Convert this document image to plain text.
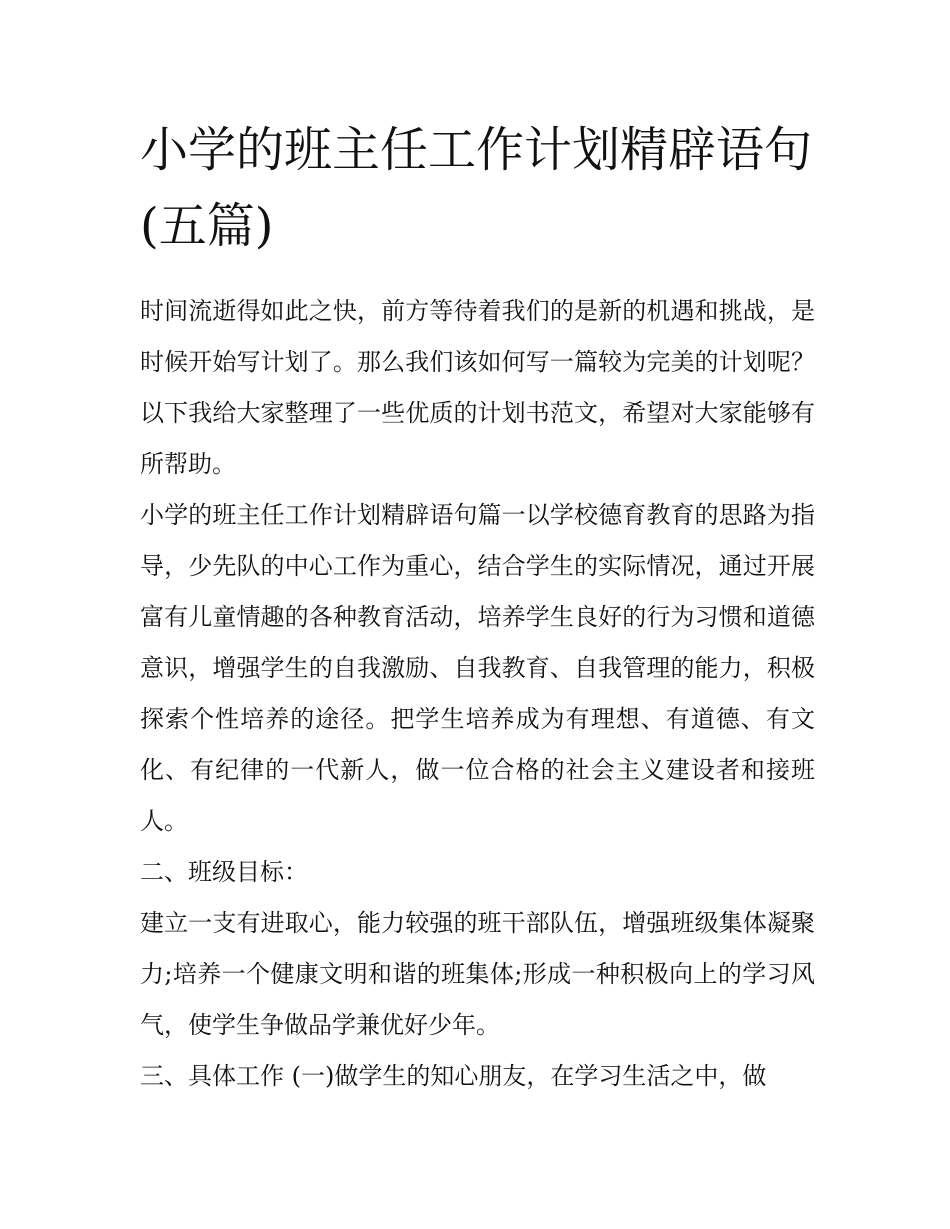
小学的班主任工作计划精辟语句(五篇)

时间流逝得如此之快，前方等待着我们的是新的机遇和挑战，是时候开始写计划了。那么我们该如何写一篇较为完美的计划呢？以下我给大家整理了一些优质的计划书范文，希望对大家能够有所帮助。

小学的班主任工作计划精辟语句篇一以学校德育教育的思路为指导，少先队的中心工作为重心，结合学生的实际情况，通过开展富有儿童情趣的各种教育活动，培养学生良好的行为习惯和道德意识，增强学生的自我激励、自我教育、自我管理的能力，积极探索个性培养的途径。把学生培养成为有理想、有道德、有文化、有纪律的一代新人，做一位合格的社会主义建设者和接班人。

二、班级目标：

建立一支有进取心，能力较强的班干部队伍，增强班级集体凝聚力;培养一个健康文明和谐的班集体;形成一种积极向上的学习风气，使学生争做品学兼优好少年。

三、具体工作 (一)做学生的知心朋友，在学习生活之中，做
